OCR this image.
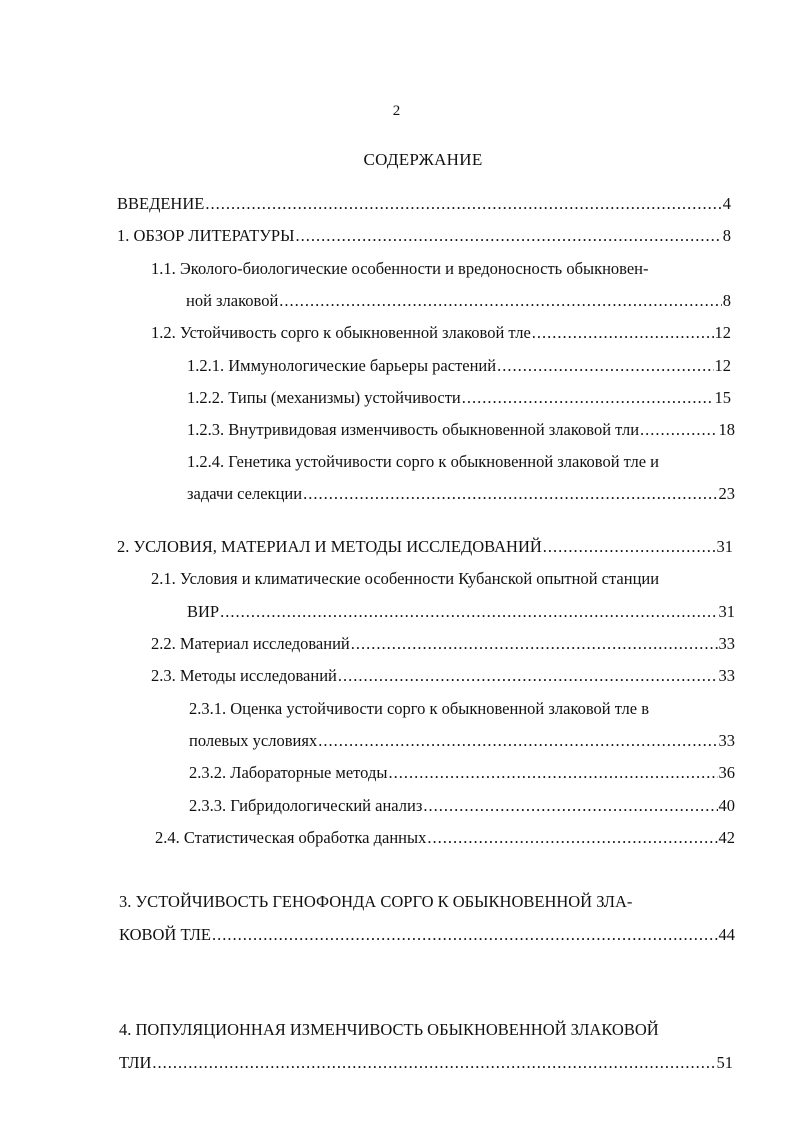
2
СОДЕРЖАНИЕ
ВВЕДЕНИЕ .....	4
1. ОБЗОР ЛИТЕРАТУРЫ .....	8
1.1. Эколого-биологические особенности и вредоносность обыкновен-
ной злаковой .....	8
1.2. Устойчивость сорго к обыкновенной злаковой тле .....	12
1.2.1. Иммунологические барьеры растений .....	12
1.2.2. Типы (механизмы) устойчивости .....	15
1.2.3. Внутривидовая изменчивость обыкновенной злаковой тли .....	18
1.2.4. Генетика устойчивости сорго к обыкновенной злаковой тле и
задачи селекции .....	23
2. УСЛОВИЯ, МАТЕРИАЛ И МЕТОДЫ ИССЛЕДОВАНИЙ .....	31
2.1. Условия и климатические особенности Кубанской опытной станции
ВИР .....	31
2.2. Материал исследований .....	33
2.3. Методы исследований .....	33
2.3.1. Оценка устойчивости сорго к обыкновенной злаковой тле в
полевых условиях .....	33
2.3.2. Лабораторные методы .....	36
2.3.3. Гибридологический анализ .....	40
2.4. Статистическая обработка данных .....	42
3. УСТОЙЧИВОСТЬ ГЕНОФОНДА СОРГО К ОБЫКНОВЕННОЙ ЗЛА-
КОВОЙ ТЛЕ .....	44
4. ПОПУЛЯЦИОННАЯ ИЗМЕНЧИВОСТЬ ОБЫКНОВЕННОЙ ЗЛАКОВОЙ
ТЛИ .....	51
